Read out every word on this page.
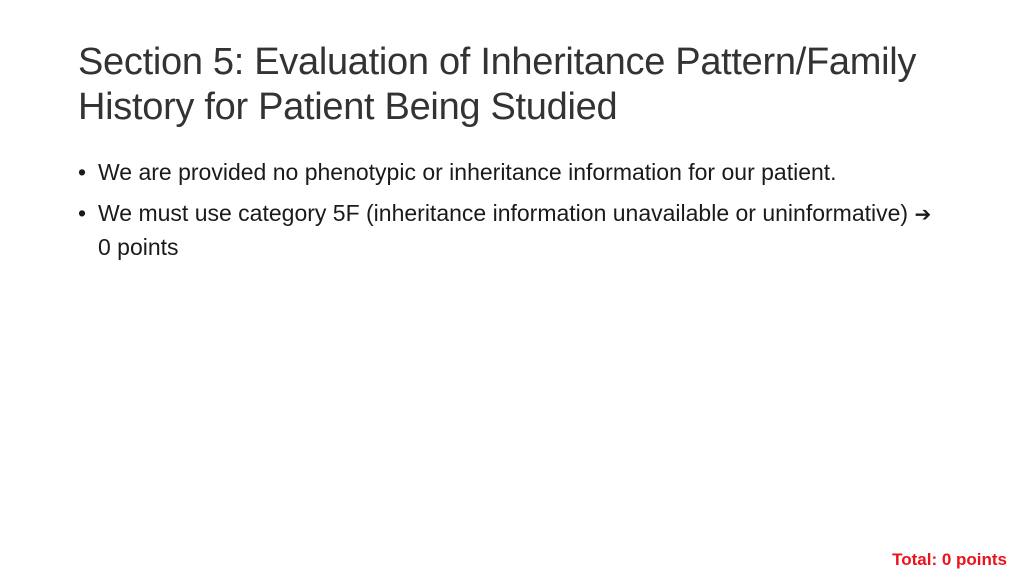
Section 5: Evaluation of Inheritance Pattern/Family History for Patient Being Studied
• We are provided no phenotypic or inheritance information for our patient.
• We must use category 5F (inheritance information unavailable or uninformative) ➔ 0 points
Total: 0 points
